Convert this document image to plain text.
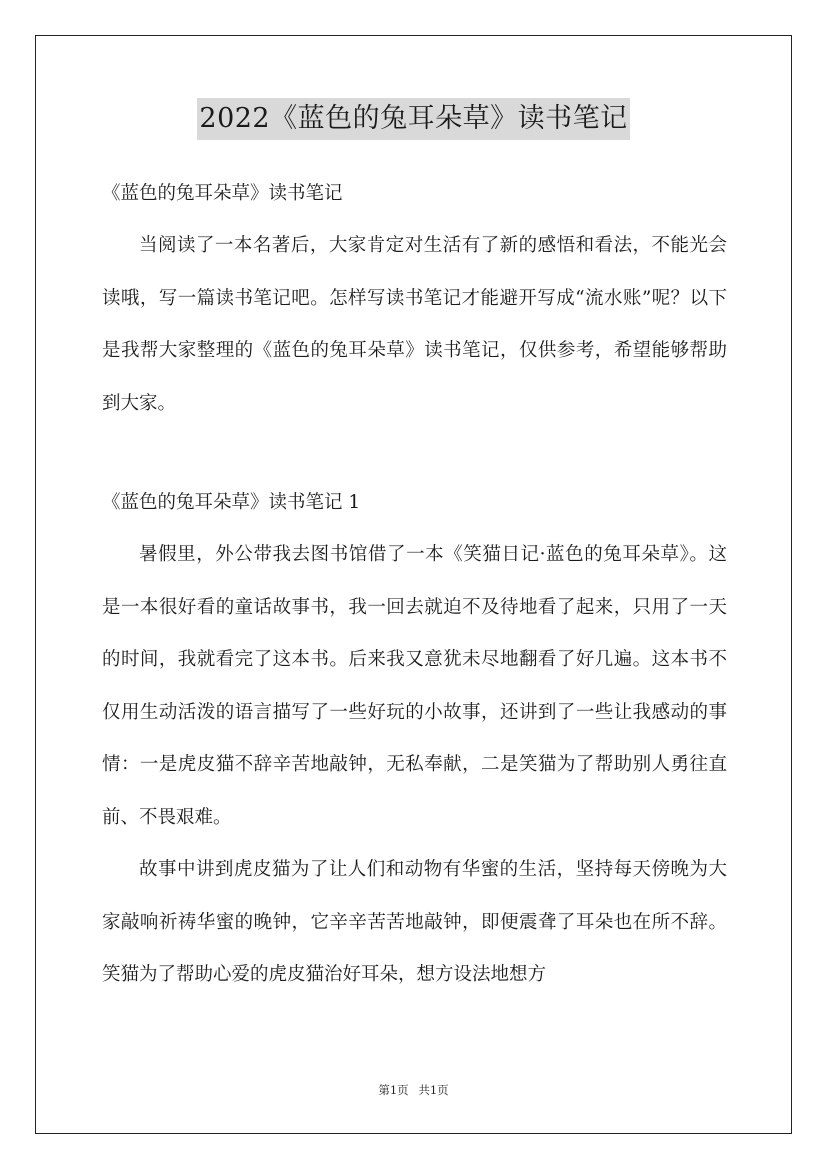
2022《蓝色的兔耳朵草》读书笔记

《蓝色的兔耳朵草》读书笔记

当阅读了一本名著后，大家肯定对生活有了新的感悟和看法，不能光会读哦，写一篇读书笔记吧。怎样写读书笔记才能避开写成“流水账”呢？以下是我帮大家整理的《蓝色的兔耳朵草》读书笔记，仅供参考，希望能够帮助到大家。

《蓝色的兔耳朵草》读书笔记 1

暑假里，外公带我去图书馆借了一本《笑猫日记·蓝色的兔耳朵草》。这是一本很好看的童话故事书，我一回去就迫不及待地看了起来，只用了一天的时间，我就看完了这本书。后来我又意犹未尽地翻看了好几遍。这本书不仅用生动活泼的语言描写了一些好玩的小故事，还讲到了一些让我感动的事情：一是虎皮猫不辞辛苦地敲钟，无私奉献，二是笑猫为了帮助别人勇往直前、不畏艰难。

故事中讲到虎皮猫为了让人们和动物有华蜜的生活，坚持每天傍晚为大家敲响祈祷华蜜的晚钟，它辛辛苦苦地敲钟，即便震聋了耳朵也在所不辞。笑猫为了帮助心爱的虎皮猫治好耳朵，想方设法地想方

第1页 共1页
